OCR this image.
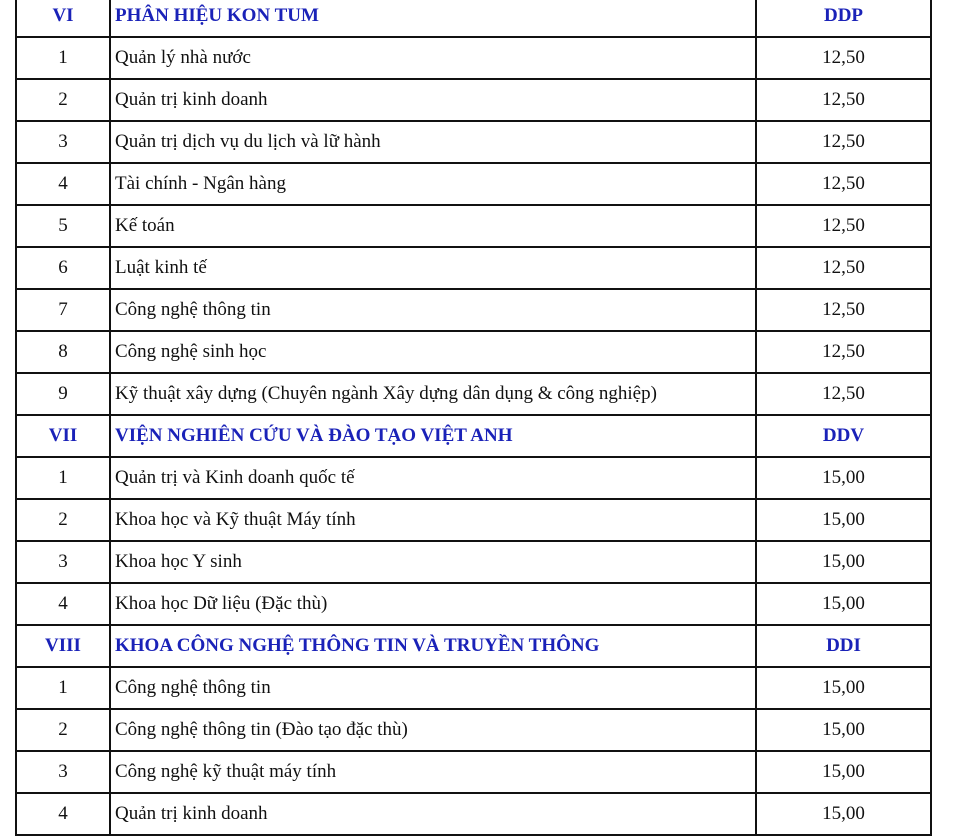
VI	PHÂN HIỆU KON TUM	DDP
1	Quản lý nhà nước	12,50
2	Quản trị kinh doanh	12,50
3	Quản trị dịch vụ du lịch và lữ hành	12,50
4	Tài chính - Ngân hàng	12,50
5	Kế toán	12,50
6	Luật kinh tế	12,50
7	Công nghệ thông tin	12,50
8	Công nghệ sinh học	12,50
9	Kỹ thuật xây dựng (Chuyên ngành Xây dựng dân dụng & công nghiệp)	12,50
VII	VIỆN NGHIÊN CỨU VÀ ĐÀO TẠO VIỆT ANH	DDV
1	Quản trị và Kinh doanh quốc tế	15,00
2	Khoa học và Kỹ thuật Máy tính	15,00
3	Khoa học Y sinh	15,00
4	Khoa học Dữ liệu (Đặc thù)	15,00
VIII	KHOA CÔNG NGHỆ THÔNG TIN VÀ TRUYỀN THÔNG	DDI
1	Công nghệ thông tin	15,00
2	Công nghệ thông tin (Đào tạo đặc thù)	15,00
3	Công nghệ kỹ thuật máy tính	15,00
4	Quản trị kinh doanh	15,00
